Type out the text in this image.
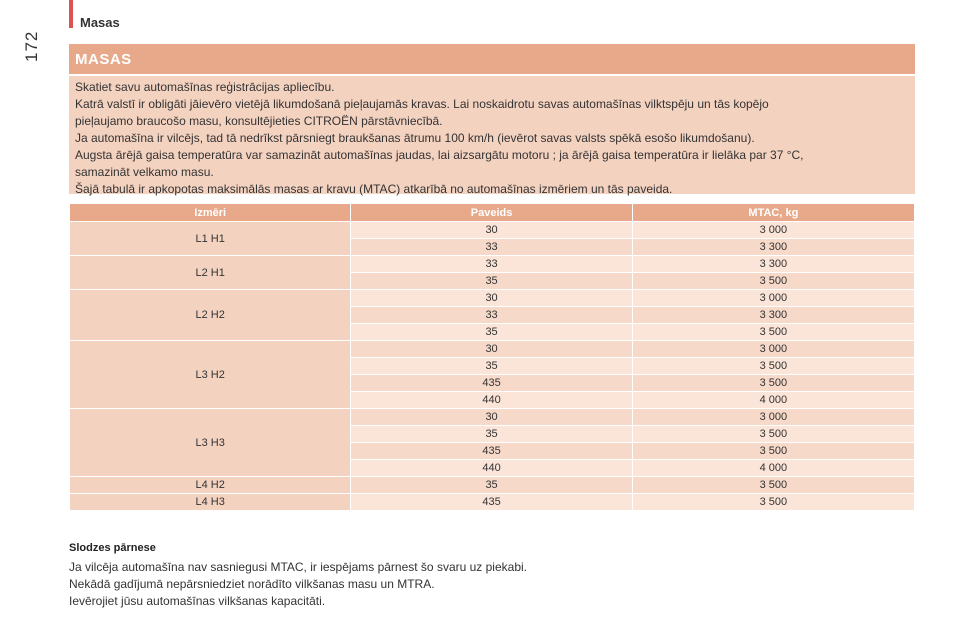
Masas
172 MASAS

Skatiet savu automašīnas reģistrācijas apliecību.

Katrā valstī ir obligāti jāievēro vietējā likumdošanā pieļaujamās kravas. Lai noskaidrotu savas automašīnas vilktspēju un tās kopējo

pieļaujamo braucošo masu, konsultējieties CITROËN pārstāvniecībā.

Ja automašīna ir vilcējs, tad tā nedrīkst pārsniegt braukšanas ātrumu 100 km/h (ievērot savas valsts spēkā esošo likumdošanu).

Augsta ārējā gaisa temperatūra var samazināt automašīnas jaudas, lai aizsargātu motoru ; ja ārējā gaisa temperatūra ir lielāka par 37 °C,

samazināt velkamo masu.

Šajā tabulā ir apkopotas maksimālās masas ar kravu (MTAC) atkarībā no automašīnas izmēriem un tās paveida.

Izmēri	Paveids	MTAC, kg
L1 H1	30	3 000
	33	3 300
L2 H1	33	3 300
	35	3 500
L2 H2	30	3 000
	33	3 300
	35	3 500
L3 H2	30	3 000
	35	3 500
	435	3 500
	440	4 000
L3 H3	30	3 000
	35	3 500
	435	3 500
	440	4 000
L4 H2	35	3 500
L4 H3	435	3 500

Slodzes pārnese

Ja vilcēja automašīna nav sasniegusi MTAC, ir iespējams pārnest šo svaru uz piekabi.

Nekādā gadījumā nepārsniedziet norādīto vilkšanas masu un MTRA.

Ievērojiet jūsu automašīnas vilkšanas kapacitāti.
